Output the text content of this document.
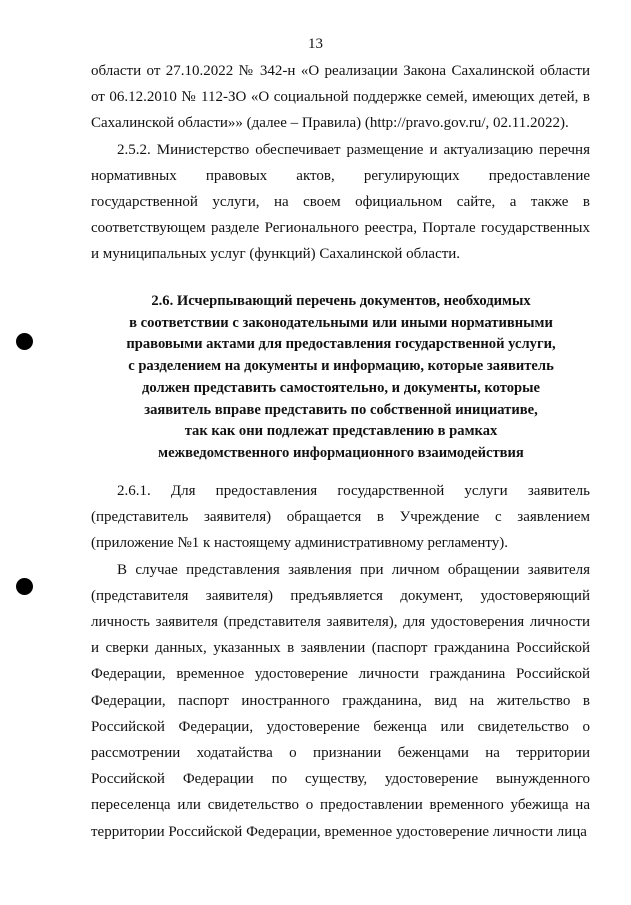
13

области от 27.10.2022 № 342-н «О реализации Закона Сахалинской области от 06.12.2010 № 112-ЗО «О социальной поддержке семей, имеющих детей, в Сахалинской области»» (далее – Правила) (http://pravo.gov.ru/, 02.11.2022).

2.5.2. Министерство обеспечивает размещение и актуализацию перечня нормативных правовых актов, регулирующих предоставление государственной услуги, на своем официальном сайте, а также в соответствующем разделе Регионального реестра, Портале государственных и муниципальных услуг (функций) Сахалинской области.

2.6. Исчерпывающий перечень документов, необходимых
в соответствии с законодательными или иными нормативными
правовыми актами для предоставления государственной услуги,
с разделением на документы и информацию, которые заявитель
должен представить самостоятельно, и документы, которые
заявитель вправе представить по собственной инициативе,
так как они подлежат представлению в рамках
межведомственного информационного взаимодействия

2.6.1. Для предоставления государственной услуги заявитель (представитель заявителя) обращается в Учреждение с заявлением (приложение №1 к настоящему административному регламенту).

В случае представления заявления при личном обращении заявителя (представителя заявителя) предъявляется документ, удостоверяющий личность заявителя (представителя заявителя), для удостоверения личности и сверки данных, указанных в заявлении (паспорт гражданина Российской Федерации, временное удостоверение личности гражданина Российской Федерации, паспорт иностранного гражданина, вид на жительство в Российской Федерации, удостоверение беженца или свидетельство о рассмотрении ходатайства о признании беженцами на территории Российской Федерации по существу, удостоверение вынужденного переселенца или свидетельство о предоставлении временного убежища на территории Российской Федерации, временное удостоверение личности лица
